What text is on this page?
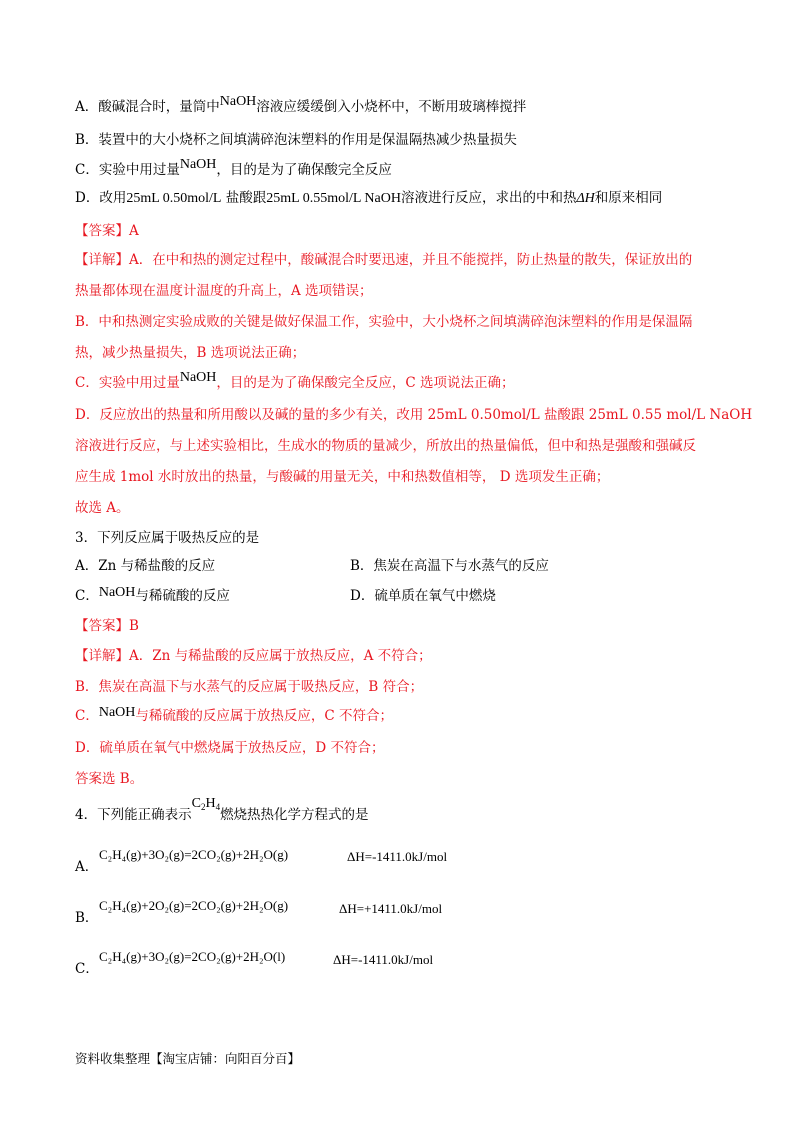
A．酸碱混合时，量筒中NaOH溶液应缓缓倒入小烧杯中，不断用玻璃棒搅拌
B．装置中的大小烧杯之间填满碎泡沫塑料的作用是保温隔热减少热量损失
C．实验中用过量NaOH，目的是为了确保酸完全反应
D．改用25mL 0.50mol/L 盐酸跟25mL 0.55mol/L NaOH溶液进行反应，求出的中和热ΔH和原来相同
【答案】A
【详解】A．在中和热的测定过程中，酸碱混合时要迅速，并且不能搅拌，防止热量的散失，保证放出的
热量都体现在温度计温度的升高上，A 选项错误；
B．中和热测定实验成败的关键是做好保温工作，实验中，大小烧杯之间填满碎泡沫塑料的作用是保温隔
热，减少热量损失，B 选项说法正确；
C．实验中用过量NaOH，目的是为了确保酸完全反应，C 选项说法正确；
D．反应放出的热量和所用酸以及碱的量的多少有关，改用 25mL 0.50mol/L 盐酸跟 25mL 0.55 mol/L NaOH
溶液进行反应，与上述实验相比，生成水的物质的量减少，所放出的热量偏低，但中和热是强酸和强碱反
应生成 1mol 水时放出的热量，与酸碱的用量无关，中和热数值相等， D 选项发生正确；
故选 A。
3．下列反应属于吸热反应的是
A．Zn 与稀盐酸的反应	B．焦炭在高温下与水蒸气的反应
C．NaOH与稀硫酸的反应	D．硫单质在氧气中燃烧
【答案】B
【详解】A．Zn 与稀盐酸的反应属于放热反应，A 不符合；
B．焦炭在高温下与水蒸气的反应属于吸热反应，B 符合；
C．NaOH与稀硫酸的反应属于放热反应，C 不符合；
D．硫单质在氧气中燃烧属于放热反应，D 不符合；
答案选 B。
4．下列能正确表示$C_2H_4$燃烧热热化学方程式的是
A．
C₂H₄(g)+3O₂(g)=2CO₂(g)+2H₂O(g)	ΔH=-1411.0kJ/mol
B．
C₂H₄(g)+2O₂(g)=2CO₂(g)+2H₂O(g)	ΔH=+1411.0kJ/mol
C．
C₂H₄(g)+3O₂(g)=2CO₂(g)+2H₂O(l)	ΔH=-1411.0kJ/mol
资料收集整理【淘宝店铺：向阳百分百】
